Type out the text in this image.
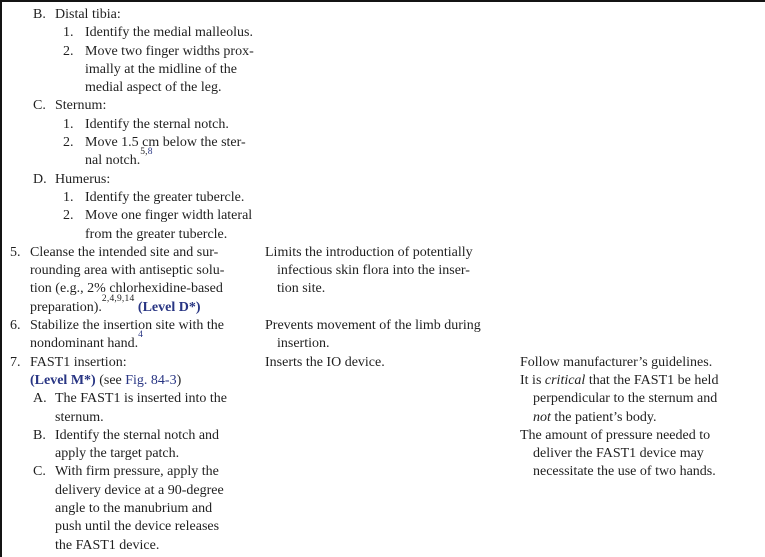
B. Distal tibia:
1. Identify the medial malleolus.
2. Move two finger widths prox-
imally at the midline of the
medial aspect of the leg.
C. Sternum:
1. Identify the sternal notch.
2. Move 1.5 cm below the ster-
nal notch.$^{5,8}$
D. Humerus:
1. Identify the greater tubercle.
2. Move one finger width lateral
from the greater tubercle.
5. Cleanse the intended site and sur-
rounding area with antiseptic solu-
tion (e.g., 2% chlorhexidine-based
preparation).$^{2,4,9,14}$ (Level D*)
Limits the introduction of potentially
infectious skin flora into the inser-
tion site.
6. Stabilize the insertion site with the
nondominant hand.$^4$
Prevents movement of the limb during
insertion.
7. FAST1 insertion:
(Level M*) (see Fig. 84-3)
A. The FAST1 is inserted into the
sternum.
B. Identify the sternal notch and
apply the target patch.
C. With firm pressure, apply the
delivery device at a 90-degree
angle to the manubrium and
push until the device releases
the FAST1 device.
Inserts the IO device.	Follow manufacturer’s guidelines.
It is critical that the FAST1 be held
perpendicular to the sternum and
not the patient’s body.
The amount of pressure needed to
deliver the FAST1 device may
necessitate the use of two hands.
